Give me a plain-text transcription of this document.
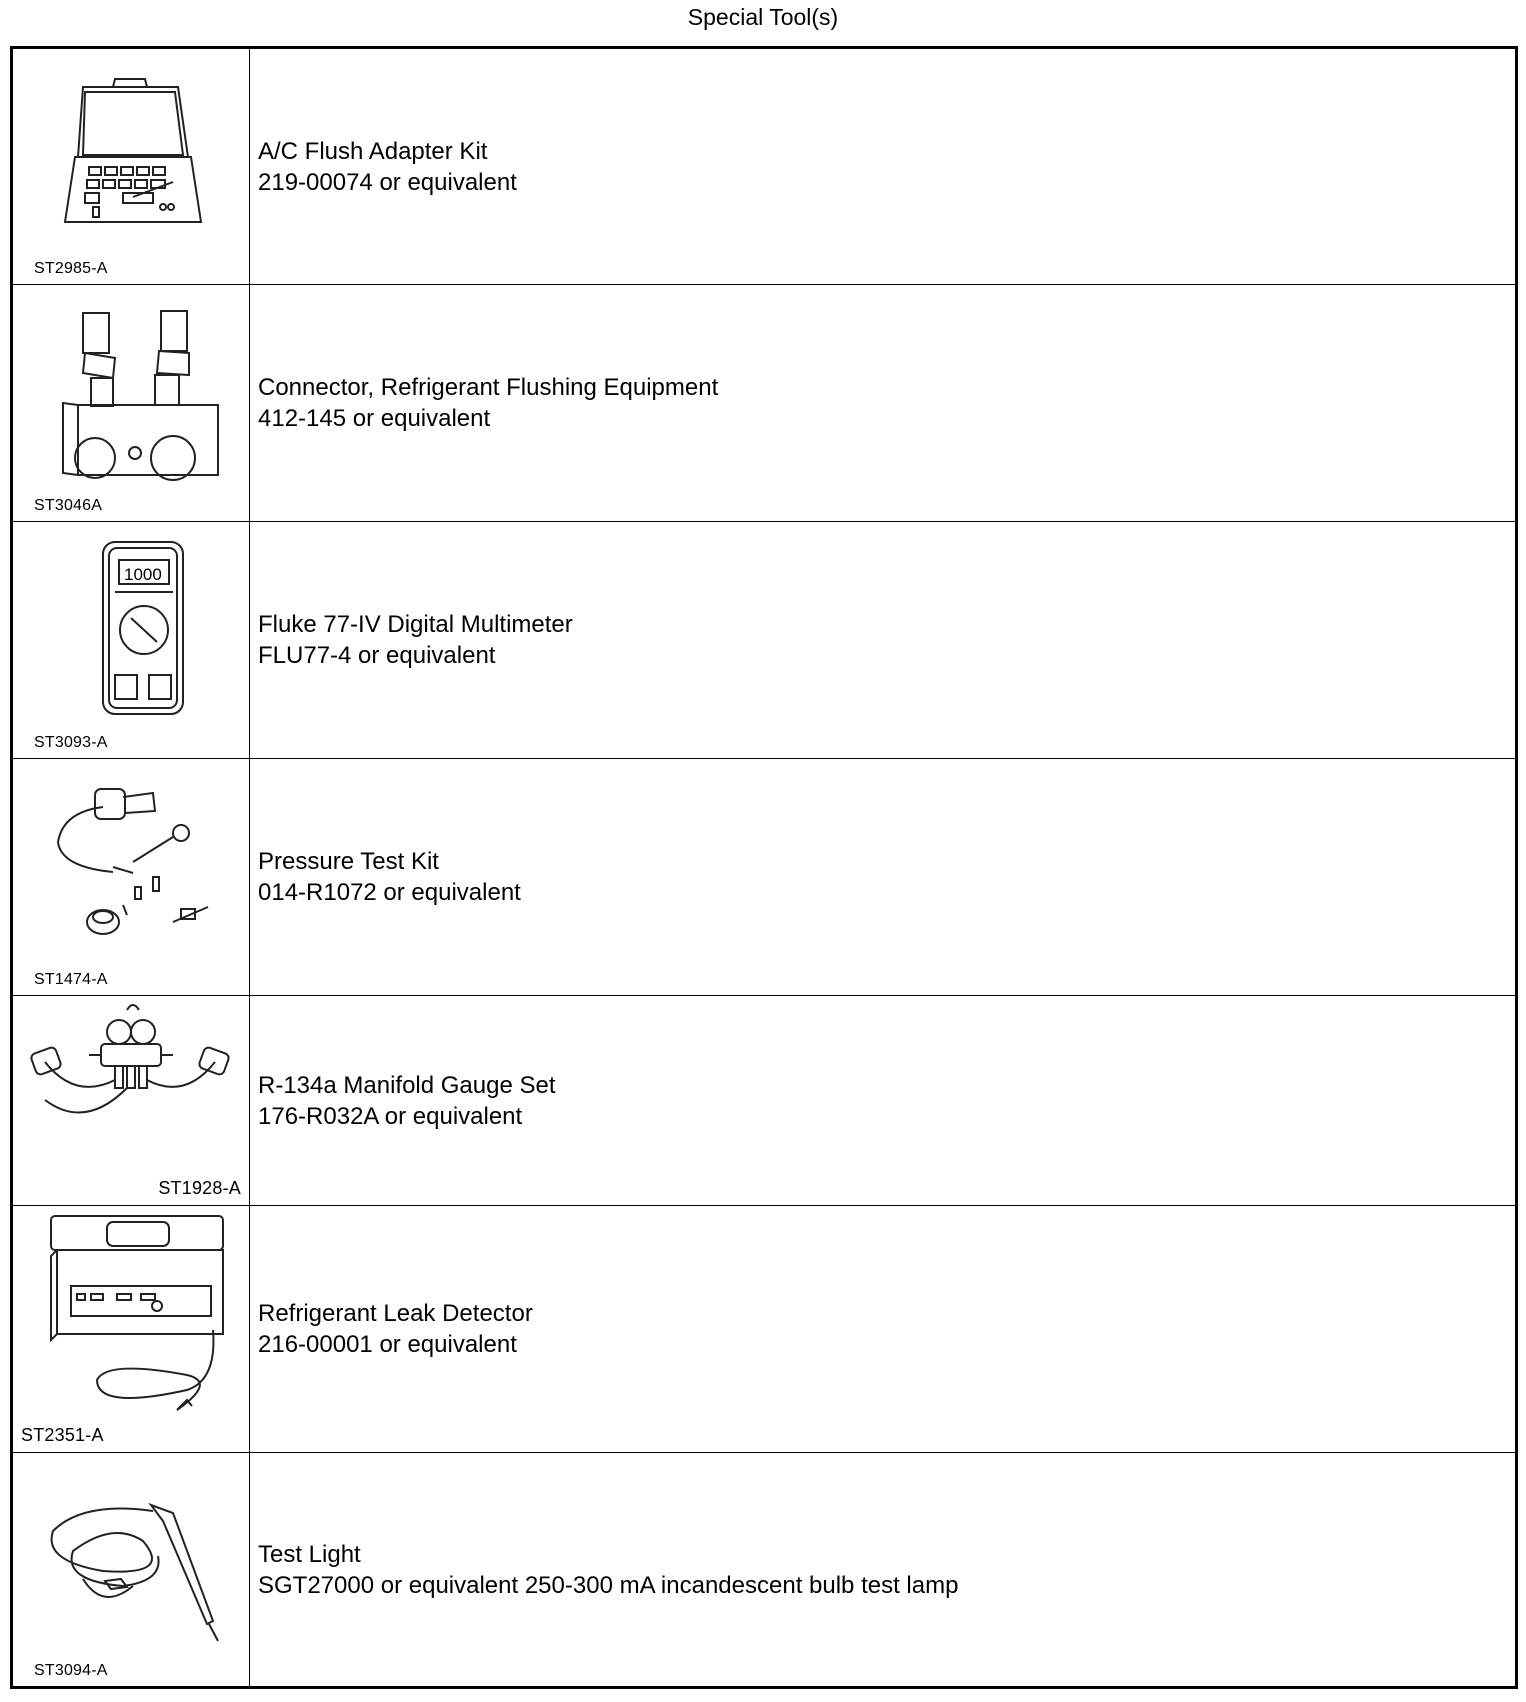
Special Tool(s)
ST2985-A	A/C Flush Adapter Kit
219-00074 or equivalent

ST3046A	Connector, Refrigerant Flushing Equipment
412-145 or equivalent

1000
ST3093-A	Fluke 77-IV Digital Multimeter
FLU77-4 or equivalent

ST1474-A	Pressure Test Kit
014-R1072 or equivalent

ST1928-A	R-134a Manifold Gauge Set
176-R032A or equivalent

ST2351-A	Refrigerant Leak Detector
216-00001 or equivalent

ST3094-A	Test Light
SGT27000 or equivalent 250-300 mA incandescent bulb test lamp
